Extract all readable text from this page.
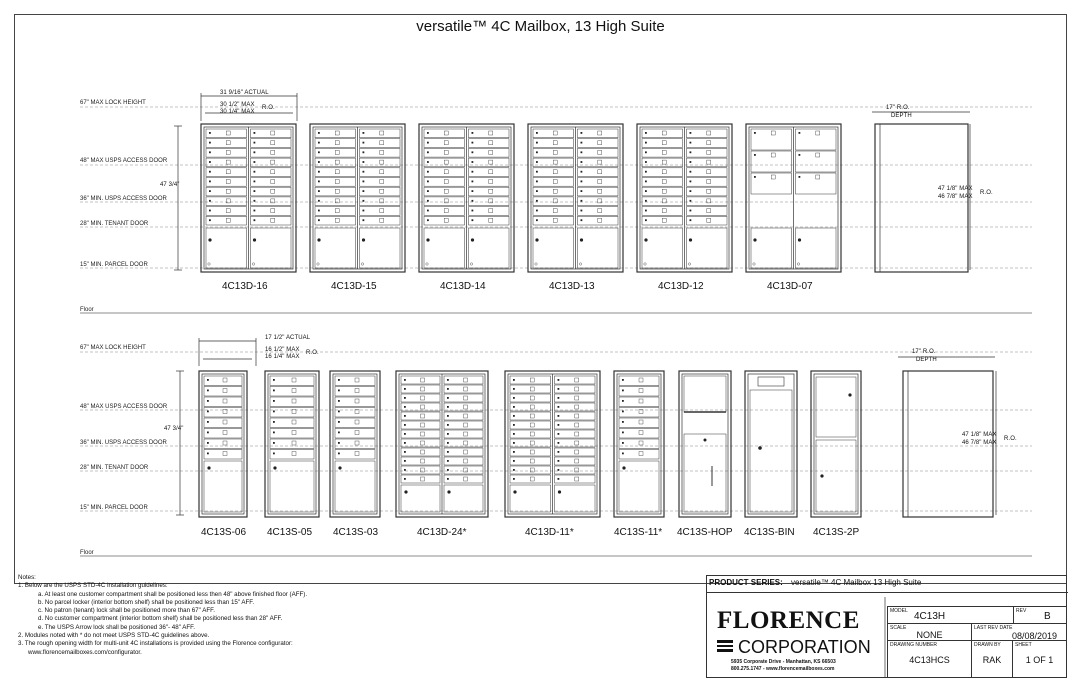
versatile™ 4C Mailbox, 13 High Suite
31 9/16" ACTUAL
30 1/2" MAX
30 1/4" MAX
R.O.
47 3/4"
17" R.O.
DEPTH
47 1/8" MAX
46 7/8" MAX
R.O.
17 1/2" ACTUAL
16 1/2" MAX
16 1/4" MAX
R.O.
47 3/4"
17" R.O.
DEPTH
47 1/8" MAX
46 7/8" MAX
R.O.
67" MAX LOCK HEIGHT
48" MAX USPS ACCESS DOOR
36" MIN. USPS ACCESS DOOR
28" MIN. TENANT DOOR
15" MIN. PARCEL DOOR
Floor
67" MAX LOCK HEIGHT
48" MAX USPS ACCESS DOOR
36" MIN. USPS ACCESS DOOR
28" MIN. TENANT DOOR
15" MIN. PARCEL DOOR
Floor
4C13D-16	4C13D-15	4C13D-14	4C13D-13	4C13D-12	4C13D-07
4C13S-06 4C13S-05 4C13S-03	4C13D-24*	4C13D-11*	4C13S-11* 4C13S-HOP 4C13S-BIN 4C13S-2P
Notes:
1. Below are the USPS STD-4C installation guidelines:
a. At least one customer compartment shall be positioned less then 48" above finished floor (AFF).
b. No parcel locker (interior bottom shelf) shall be positioned less than 15" AFF.
c. No patron (tenant) lock shall be positioned more than 67" AFF.
d. No customer compartment (interior bottom shelf) shall be positioned less than 28" AFF.
e. The USPS Arrow lock shall be positioned 36"- 48" AFF.
2. Modules noted with * do not meet USPS STD-4C guidelines above.
3. The rough opening width for multi-unit 4C installations is provided using the Florence configurator:
www.florencemailboxes.com/configurator.
PRODUCT SERIES: versatile™ 4C Mailbox 13 High Suite
FLORENCE
CORPORATION
5935 Corporate Drive - Manhattan, KS 66503
800.275.1747 - www.florencemailboxes.com
MODEL 4C13H	REV B
SCALE
NONE
LAST REV DATE
08/08/2019
DRAWING NUMBER
4C13HCS
DRAWN BY
RAK
SHEET
1 OF 1
